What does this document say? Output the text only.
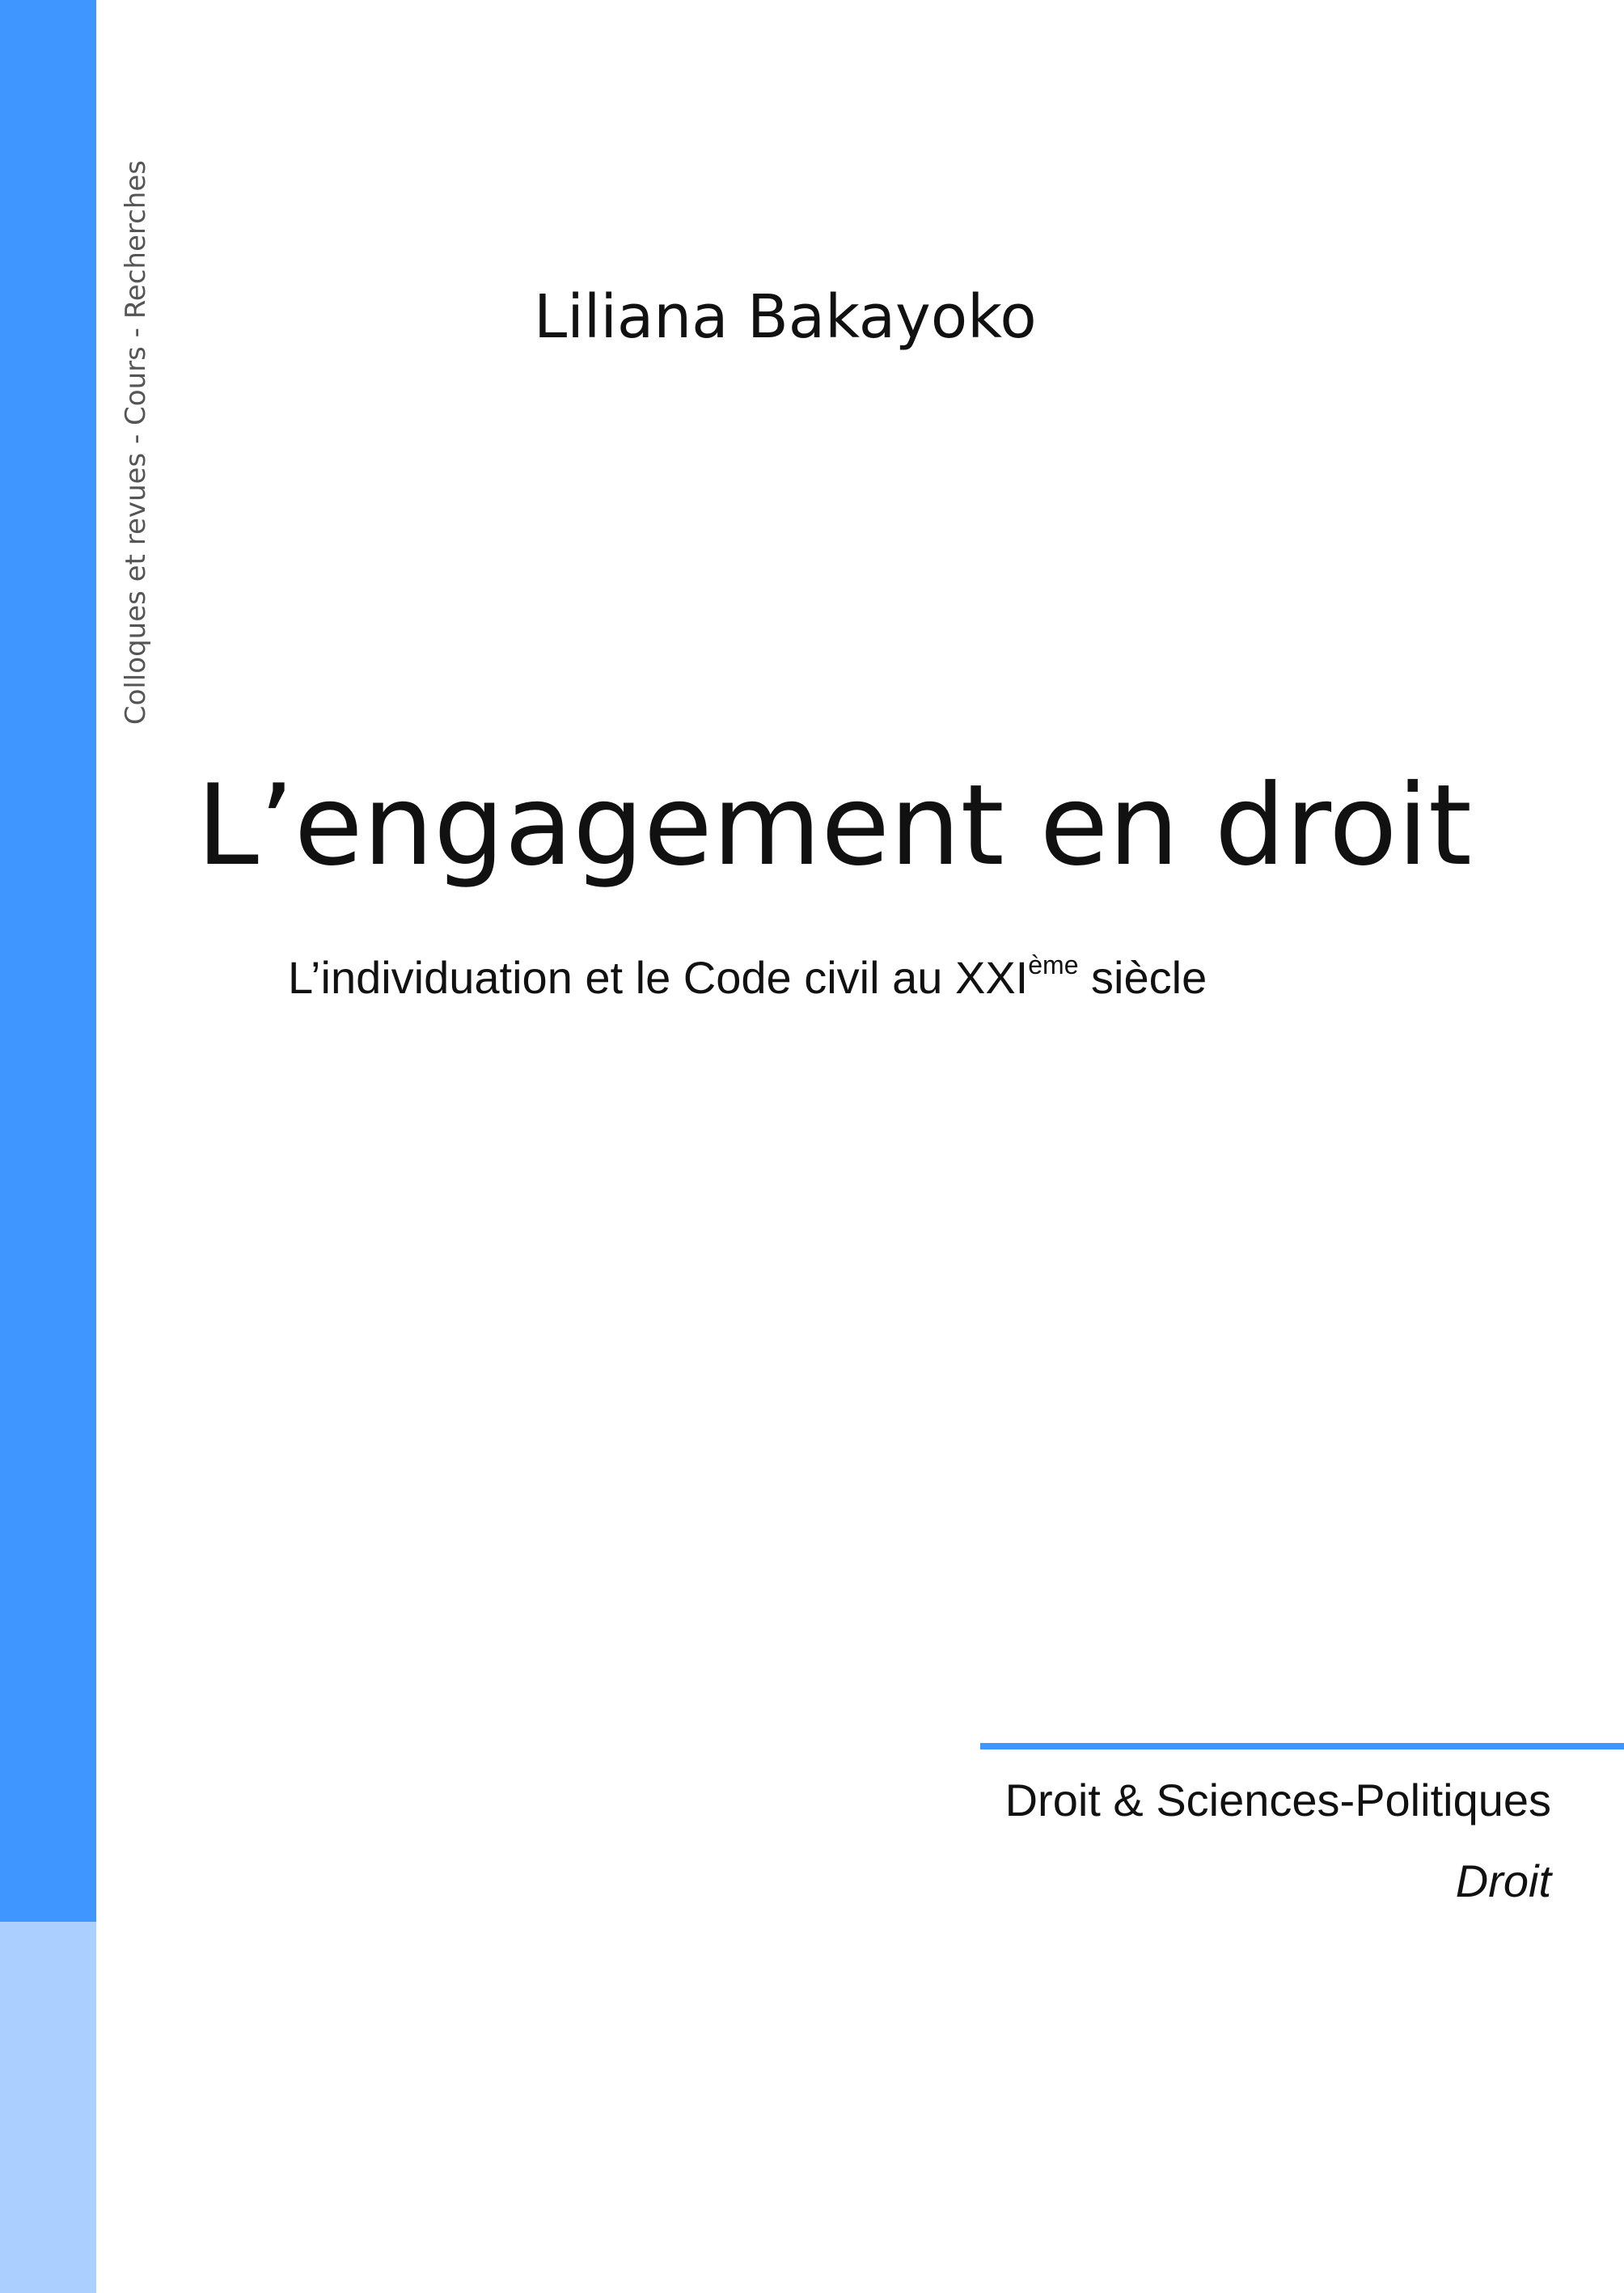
Colloques et revues - Cours - Recherches	Liliana Bakayoko
L’engagement en droit
L’individuation et le Code civil au XXIème siècle
Droit & Sciences-Politiques
Droit
